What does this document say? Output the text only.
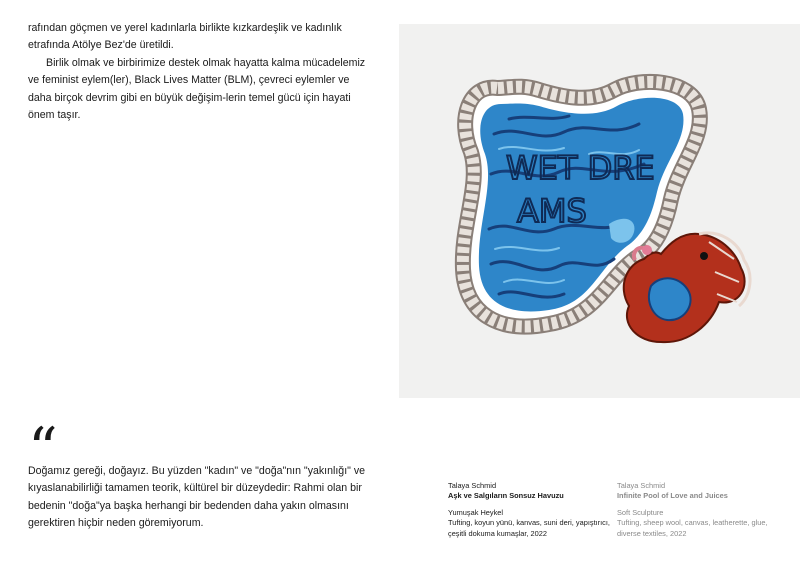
rafından göçmen ve yerel kadınlarla birlikte kızkardeşlik ve kadınlık etrafında Atölye Bez'de üretildi.

Birlik olmak ve birbirimize destek olmak hayatta kalma mücadelemiz ve feminist eylem(ler), Black Lives Matter (BLM), çevreci eylemler ve daha birçok devrim gibi en büyük değişim-lerin temel gücü için hayati önem taşır.

WET DRE
AMS
“

Doğamız gereği, doğayız. Bu yüzden "kadın" ve "doğa"nın "yakınlığı" ve kıyaslanabilirliği tamamen teorik, kültürel bir düzeydedir: Rahmi olan bir bedenin "doğa"ya başka herhangi bir bedenden daha yakın olmasını gerektiren hiçbir neden göremiyorum.

Talaya Schmid
Aşk ve Salgıların Sonsuz Havuzu
Yumuşak Heykel
Tufting, koyun yünü, kanvas, suni deri, yapıştırıcı, çeşitli dokuma kumaşlar, 2022
Talaya Schmid
Infinite Pool of Love and Juices
Soft Sculpture
Tufting, sheep wool, canvas, leatherette, glue, diverse textiles, 2022
